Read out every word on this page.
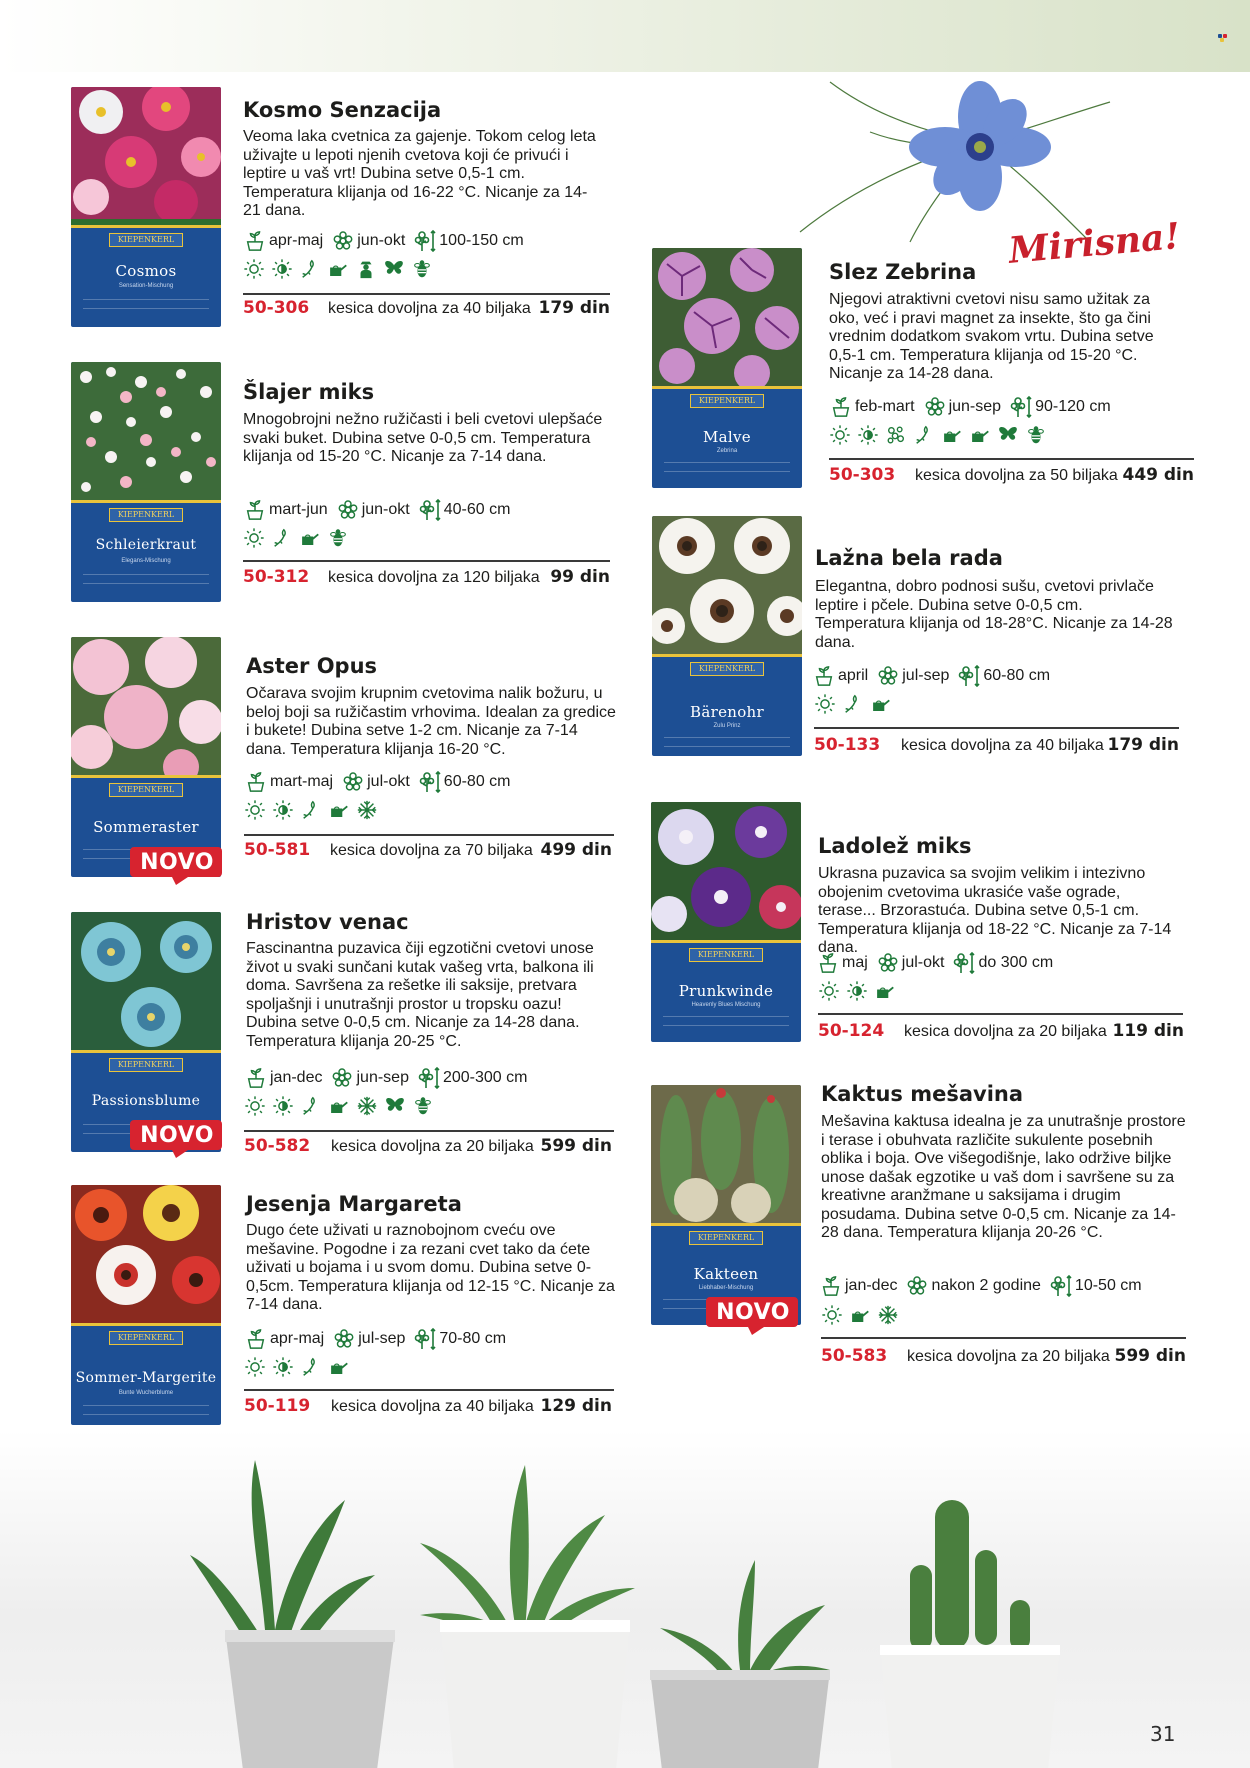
KIEPENKERL
Cosmos
Sensation-Mischung
Kosmo Senzacija

Veoma laka cvetnica za gajenje. Tokom celog leta uživajte u lepoti njenih cvetova koji će privući i leptire u vaš vrt! Dubina setve 0,5-1 cm. Temperatura klijanja od 16-22 °C. Nicanje za 14-21 dana.

apr-maj jun-okt 100-150 cm
50-306 kesica dovoljna za 40 biljaka 179 din
KIEPENKERL
Schleierkraut
Elegans-Mischung
Šlajer miks

Mnogobrojni nežno ružičasti i beli cvetovi ulepšaće svaki buket. Dubina setve 0-0,5 cm. Temperatura klijanja od 15-20 °C. Nicanje za 7-14 dana.

mart-jun jun-okt 40-60 cm
50-312 kesica dovoljna za 120 biljaka 99 din
KIEPENKERL
Sommeraster
NOVO
Aster Opus

Očarava svojim krupnim cvetovima nalik božuru, u beloj boji sa ružičastim vrhovima. Idealan za gredice i bukete! Dubina setve 1-2 cm. Nicanje za 7-14 dana. Temperatura klijanja 16-20 °C.

mart-maj jul-okt 60-80 cm
50-581 kesica dovoljna za 70 biljaka 499 din
KIEPENKERL
Passionsblume
NOVO
Hristov venac

Fascinantna puzavica čiji egzotični cvetovi unose život u svaki sunčani kutak vašeg vrta, balkona ili doma. Savršena za rešetke ili saksije, pretvara spoljašnji i unutrašnji prostor u tropsku oazu! Dubina setve 0-0,5 cm. Nicanje za 14-28 dana. Temperatura klijanja 20-25 °C.

jan-dec jun-sep 200-300 cm
50-582 kesica dovoljna za 20 biljaka 599 din
KIEPENKERL
Sommer-Margerite
Bunte Wucherblume
Jesenja Margareta

Dugo ćete uživati u raznobojnom cveću ove mešavine. Pogodne i za rezani cvet tako da ćete uživati u bojama i u svom domu. Dubina setve 0-0,5cm. Temperatura klijanja od 12-15 °C. Nicanje za 7-14 dana.

apr-maj jul-sep 70-80 cm
50-119 kesica dovoljna za 40 biljaka 129 din
Mirisna!
KIEPENKERL
Malve
Zebrina
Slez Zebrina

Njegovi atraktivni cvetovi nisu samo užitak za oko, već i pravi magnet za insekte, što ga čini vrednim dodatkom svakom vrtu. Dubina setve 0,5-1 cm. Temperatura klijanja od 15-20 °C. Nicanje za 14-28 dana.

feb-mart jun-sep 90-120 cm
50-303 kesica dovoljna za 50 biljaka 449 din
KIEPENKERL
Bärenohr
Zulu Prinz
Lažna bela rada

Elegantna, dobro podnosi sušu, cvetovi privlače leptire i pčele. Dubina setve 0-0,5 cm. Temperatura klijanja od 18-28°C. Nicanje za 14-28 dana.

april jul-sep 60-80 cm
50-133 kesica dovoljna za 40 biljaka 179 din
KIEPENKERL
Prunkwinde
Heavenly Blues Mischung
Ladolež miks

Ukrasna puzavica sa svojim velikim i intezivno obojenim cvetovima ukrasiće vaše ograde, terase... Brzorastuća. Dubina setve 0,5-1 cm. Temperatura klijanja od 18-22 °C. Nicanje za 7-14 dana.

maj jul-okt do 300 cm
50-124 kesica dovoljna za 20 biljaka 119 din
KIEPENKERL
Kakteen
Liebhaber-Mischung
NOVO
Kaktus mešavina

Mešavina kaktusa idealna je za unutrašnje prostore i terase i obuhvata različite sukulente posebnih oblika i boja. Ove višegodišnje, lako održive biljke unose dašak egzotike u vaš dom i savršene su za kreativne aranžmane u saksijama i drugim posudama. Dubina setve 0-0,5 cm. Nicanje za 14-28 dana. Temperatura klijanja 20-26 °C.

jan-dec nakon 2 godine 10-50 cm
50-583 kesica dovoljna za 20 biljaka 599 din
31
